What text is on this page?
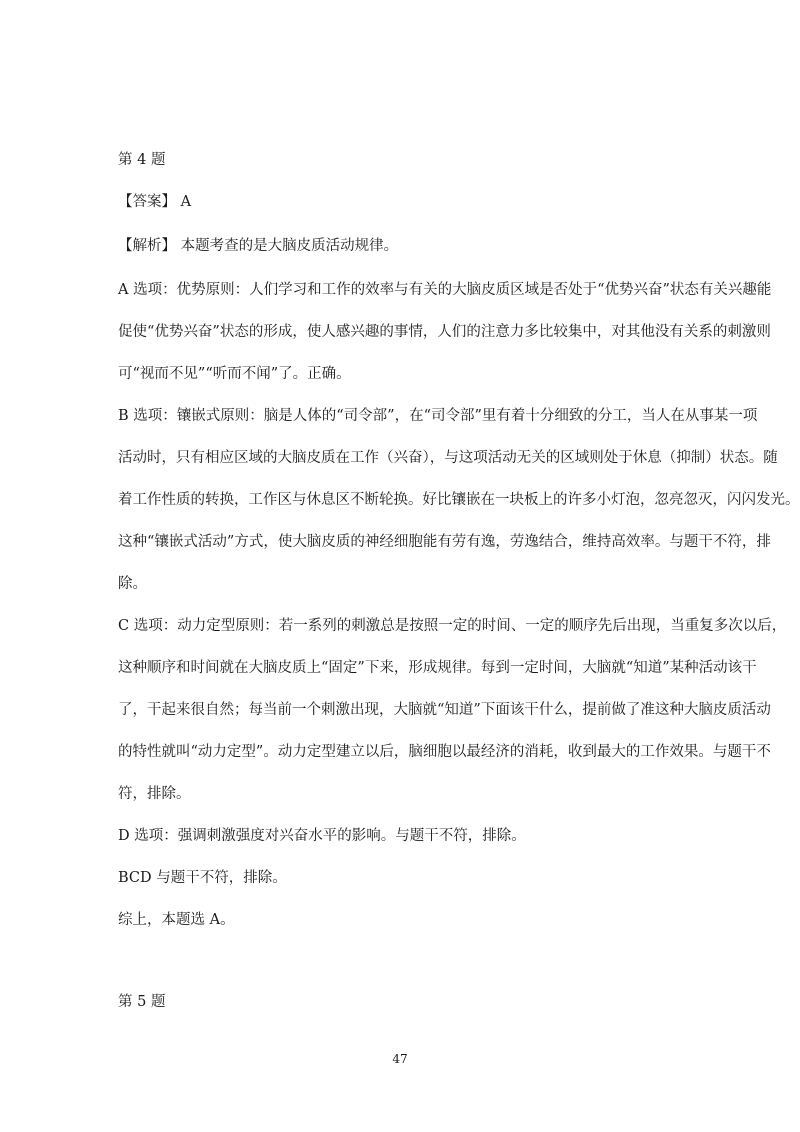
第 4 题
【答案】 A
【解析】 本题考查的是大脑皮质活动规律。
A 选项：优势原则：人们学习和工作的效率与有关的大脑皮质区域是否处于“优势兴奋”状态有关兴趣能
促使“优势兴奋”状态的形成，使人感兴趣的事情，人们的注意力多比较集中，对其他没有关系的刺激则
可“视而不见”“听而不闻”了。正确。
B 选项：镶嵌式原则：脑是人体的“司令部”，在“司令部”里有着十分细致的分工，当人在从事某一项
活动时，只有相应区域的大脑皮质在工作（兴奋），与这项活动无关的区域则处于休息（抑制）状态。随
着工作性质的转换，工作区与休息区不断轮换。好比镶嵌在一块板上的许多小灯泡，忽亮忽灭，闪闪发光。
这种“镶嵌式活动”方式，使大脑皮质的神经细胞能有劳有逸，劳逸结合，维持高效率。与题干不符，排
除。
C 选项：动力定型原则：若一系列的刺激总是按照一定的时间、一定的顺序先后出现，当重复多次以后，
这种顺序和时间就在大脑皮质上“固定”下来，形成规律。每到一定时间，大脑就“知道”某种活动该干
了，干起来很自然；每当前一个刺激出现，大脑就“知道”下面该干什么，提前做了准这种大脑皮质活动
的特性就叫“动力定型”。动力定型建立以后，脑细胞以最经济的消耗，收到最大的工作效果。与题干不
符，排除。
D 选项：强调刺激强度对兴奋水平的影响。与题干不符，排除。
BCD 与题干不符，排除。
综上，本题选 A。
第 5 题
47
